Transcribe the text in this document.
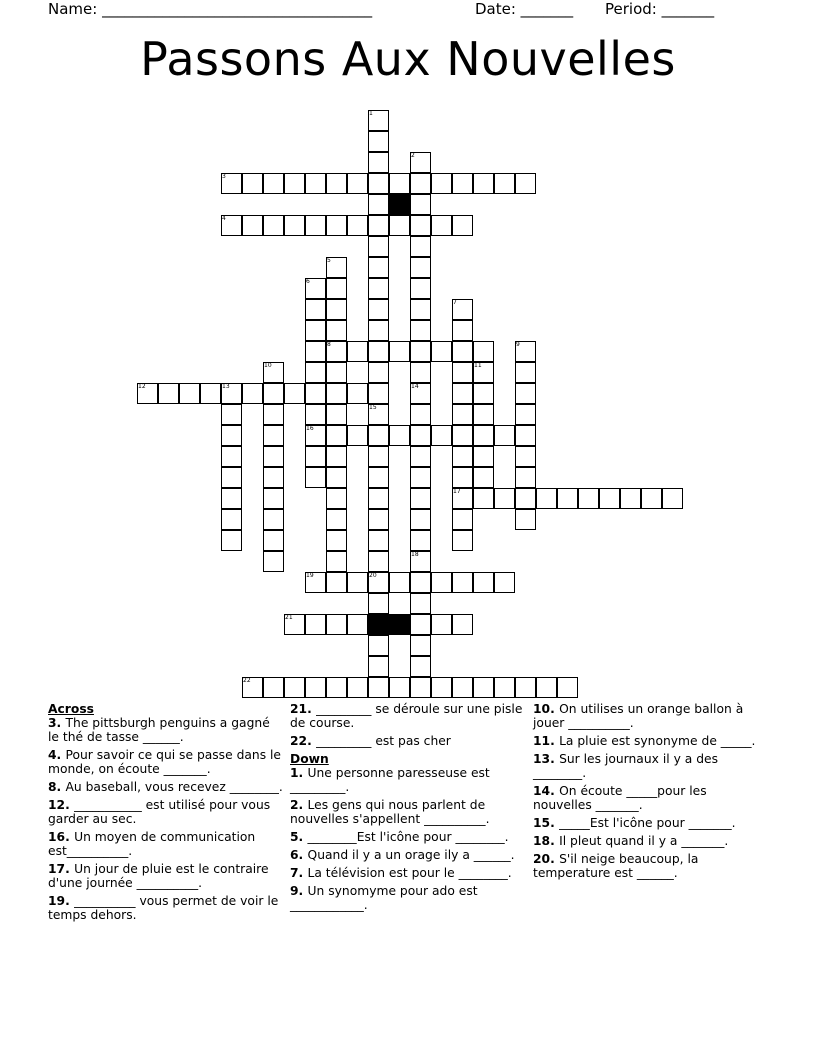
Name: ____________________________________	Date: _______ Period: _______
Passons Aux Nouvelles
1
2
3
4
5
6
7
8	9
10	11
12	13	14
15
16
17
18
19	20
21
22
Across
3. The pittsburgh penguins a gagné le thé de tasse ______.
4. Pour savoir ce qui se passe dans le monde, on écoute _______.
8. Au baseball, vous recevez ________.
12. ___________ est utilisé pour vous garder au sec.
16. Un moyen de communication est__________.
17. Un jour de pluie est le contraire d'une journée __________.
19. __________ vous permet de voir le temps dehors.
21. _________ se déroule sur une pisle de course.
22. _________ est pas cher
Down
1. Une personne paresseuse est _________.
2. Les gens qui nous parlent de nouvelles s'appellent __________.
5. ________Est l'icône pour ________.
6. Quand il y a un orage ily a ______.
7. La télévision est pour le ________.
9. Un synomyme pour ado est ____________.
10. On utilises un orange ballon à jouer __________.
11. La pluie est synonyme de _____.
13. Sur les journaux il y a des ________.
14. On écoute _____pour les nouvelles _______.
15. _____Est l'icône pour _______.
18. Il pleut quand il y a _______.
20. S'il neige beaucoup, la temperature est ______.
